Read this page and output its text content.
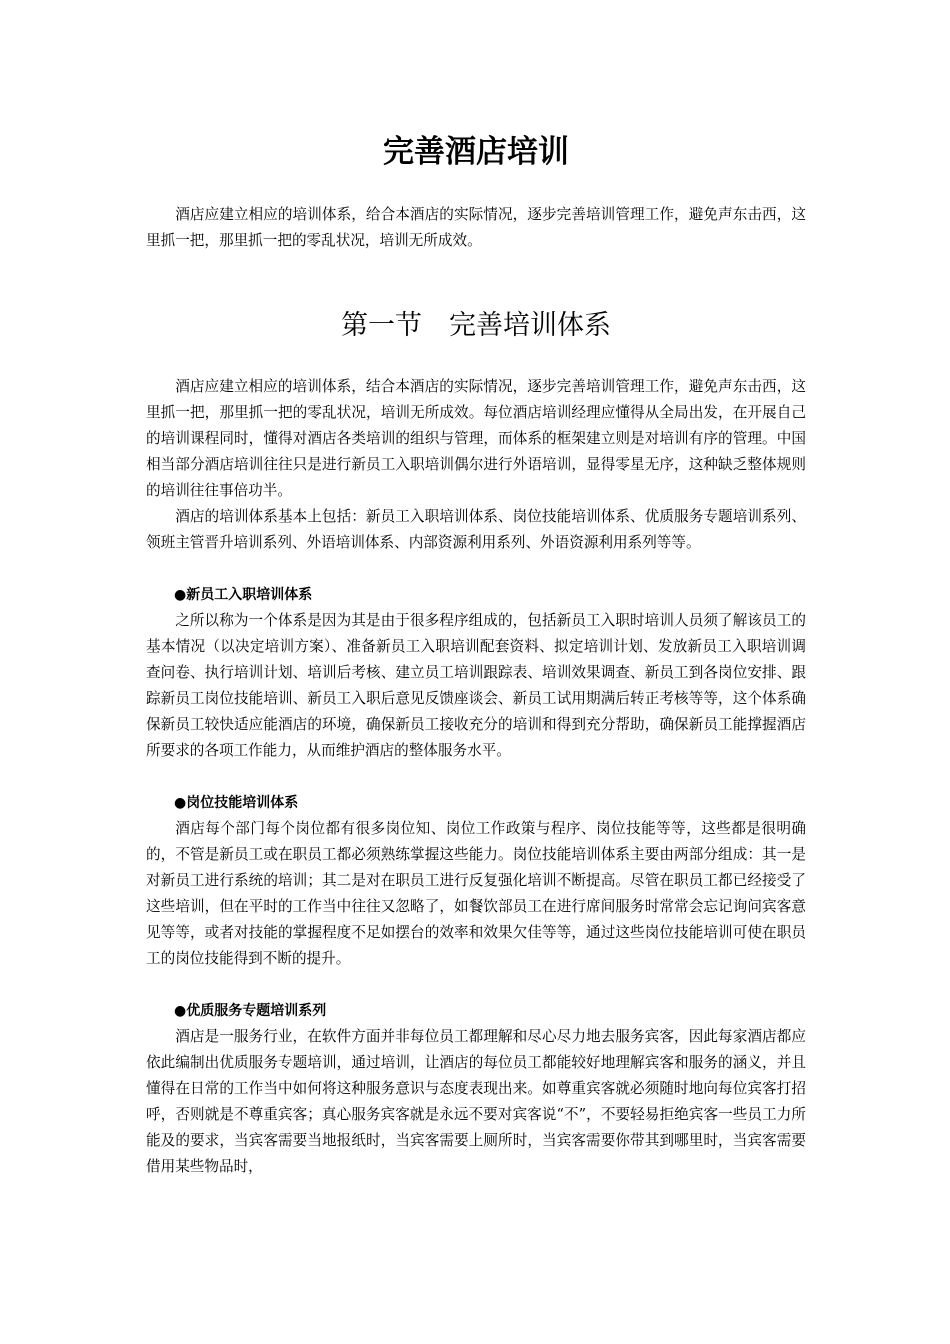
完善酒店培训

酒店应建立相应的培训体系，给合本酒店的实际情况，逐步完善培训管理工作，避免声东击西，这里抓一把，那里抓一把的零乱状况，培训无所成效。

第一节　完善培训体系

酒店应建立相应的培训体系，结合本酒店的实际情况，逐步完善培训管理工作，避免声东击西，这里抓一把，那里抓一把的零乱状况，培训无所成效。每位酒店培训经理应懂得从全局出发，在开展自己的培训课程同时，懂得对酒店各类培训的组织与管理，而体系的框架建立则是对培训有序的管理。中国相当部分酒店培训往往只是进行新员工入职培训偶尔进行外语培训，显得零星无序，这种缺乏整体规则的培训往往事倍功半。

酒店的培训体系基本上包括：新员工入职培训体系、岗位技能培训体系、优质服务专题培训系列、领班主管晋升培训系列、外语培训体系、内部资源利用系列、外语资源利用系列等等。

●新员工入职培训体系

之所以称为一个体系是因为其是由于很多程序组成的，包括新员工入职时培训人员须了解该员工的基本情况（以决定培训方案）、准备新员工入职培训配套资料、拟定培训计划、发放新员工入职培训调查问卷、执行培训计划、培训后考核、建立员工培训跟踪表、培训效果调查、新员工到各岗位安排、跟踪新员工岗位技能培训、新员工入职后意见反馈座谈会、新员工试用期满后转正考核等等，这个体系确保新员工较快适应能酒店的环境，确保新员工接收充分的培训和得到充分帮助，确保新员工能撑握酒店所要求的各项工作能力，从而维护酒店的整体服务水平。

●岗位技能培训体系

酒店每个部门每个岗位都有很多岗位知、岗位工作政策与程序、岗位技能等等，这些都是很明确的，不管是新员工或在职员工都必须熟练掌握这些能力。岗位技能培训体系主要由两部分组成：其一是对新员工进行系统的培训；其二是对在职员工进行反复强化培训不断提高。尽管在职员工都已经接受了这些培训，但在平时的工作当中往往又忽略了，如餐饮部员工在进行席间服务时常常会忘记询问宾客意见等等，或者对技能的掌握程度不足如摆台的效率和效果欠佳等等，通过这些岗位技能培训可使在职员工的岗位技能得到不断的提升。

●优质服务专题培训系列

酒店是一服务行业，在软件方面并非每位员工都理解和尽心尽力地去服务宾客，因此每家酒店都应依此编制出优质服务专题培训，通过培训，让酒店的每位员工都能较好地理解宾客和服务的涵义，并且懂得在日常的工作当中如何将这种服务意识与态度表现出来。如尊重宾客就必须随时地向每位宾客打招呼，否则就是不尊重宾客；真心服务宾客就是永远不要对宾客说“不”，不要轻易拒绝宾客一些员工力所能及的要求，当宾客需要当地报纸时，当宾客需要上厕所时，当宾客需要你带其到哪里时，当宾客需要借用某些物品时，
